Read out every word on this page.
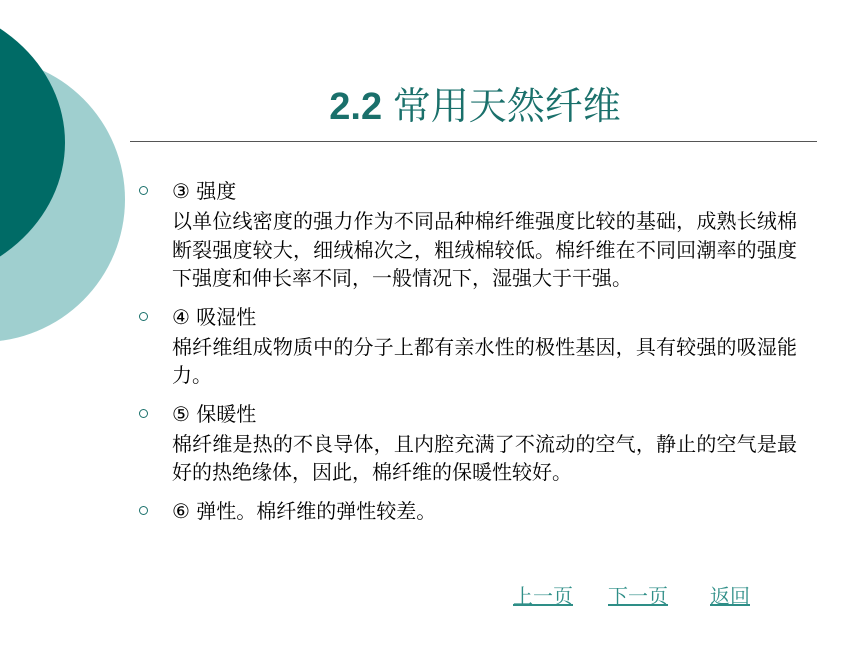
2.2 常用天然纤维
③ 强度
以单位线密度的强力作为不同品种棉纤维强度比较的基础，成熟长绒棉断裂强度较大，细绒棉次之，粗绒棉较低。棉纤维在不同回潮率的强度下强度和伸长率不同，一般情况下，湿强大于干强。
④ 吸湿性
棉纤维组成物质中的分子上都有亲水性的极性基因，具有较强的吸湿能力。
⑤ 保暖性
棉纤维是热的不良导体，且内腔充满了不流动的空气，静止的空气是最好的热绝缘体，因此，棉纤维的保暖性较好。
⑥ 弹性。棉纤维的弹性较差。
上一页 下一页 返回
